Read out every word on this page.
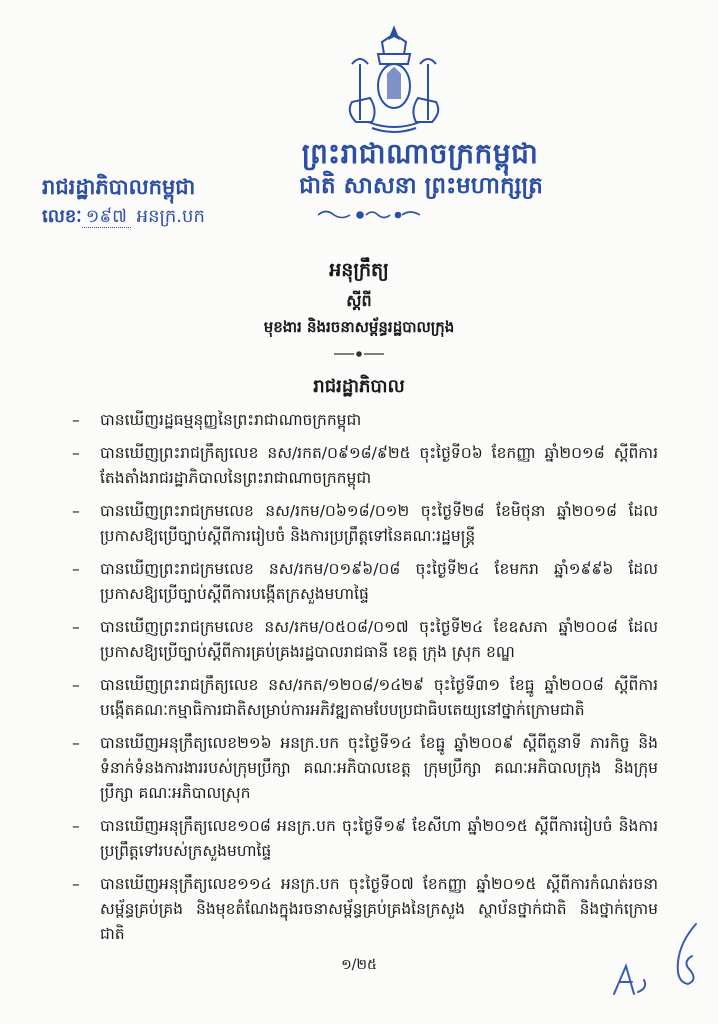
ព្រះរាជាណាចក្រកម្ពុជា
ជាតិ សាសនា ព្រះមហាក្សត្រ
រាជរដ្ឋាភិបាលកម្ពុជា
លេខៈ ១៩៧ អនក្រ.បក
អនុក្រឹត្យ
ស្តីពី
មុខងារ និងរចនាសម្ព័ន្ធរដ្ឋបាលក្រុង
រាជរដ្ឋាភិបាល
– បានឃើញរដ្ឋធម្មនុញ្ញនៃព្រះរាជាណាចក្រកម្ពុជា
– បានឃើញព្រះរាជក្រឹត្យលេខ នស/រកត/០៩១៨/៩២៥ ចុះថ្ងៃទី០៦ ខែកញ្ញា ឆ្នាំ២០១៨ ស្តីពីការតែងតាំងរាជរដ្ឋាភិបាលនៃព្រះរាជាណាចក្រកម្ពុជា
– បានឃើញព្រះរាជក្រមលេខ នស/រកម/០៦១៨/០១២ ចុះថ្ងៃទី២៨ ខែមិថុនា ឆ្នាំ២០១៨ ដែលប្រកាសឱ្យប្រើច្បាប់ស្តីពីការរៀបចំ និងការប្រព្រឹត្តទៅនៃគណៈរដ្ឋមន្ត្រី
– បានឃើញព្រះរាជក្រមលេខ នស/រកម/០១៩៦/០៨ ចុះថ្ងៃទី២៤ ខែមករា ឆ្នាំ១៩៩៦ ដែលប្រកាសឱ្យប្រើច្បាប់ស្តីពីការបង្កើតក្រសួងមហាផ្ទៃ
– បានឃើញព្រះរាជក្រមលេខ នស/រកម/០៥០៨/០១៧ ចុះថ្ងៃទី២៤ ខែឧសភា ឆ្នាំ២០០៨ ដែលប្រកាសឱ្យប្រើច្បាប់ស្តីពីការគ្រប់គ្រងរដ្ឋបាលរាជធានី ខេត្ត ក្រុង ស្រុក ខណ្ឌ
– បានឃើញព្រះរាជក្រឹត្យលេខ នស/រកត/១២០៨/១៤២៩ ចុះថ្ងៃទី៣១ ខែធ្នូ ឆ្នាំ២០០៨ ស្តីពីការបង្កើតគណៈកម្មាធិការជាតិសម្រាប់ការអភិវឌ្ឍតាមបែបប្រជាធិបតេយ្យនៅថ្នាក់ក្រោមជាតិ
– បានឃើញអនុក្រឹត្យលេខ២១៦ អនក្រ.បក ចុះថ្ងៃទី១៤ ខែធ្នូ ឆ្នាំ២០០៩ ស្តីពីតួនាទី ភារកិច្ច និងទំនាក់ទំនងការងាររបស់ក្រុមប្រឹក្សា គណៈអភិបាលខេត្ត ក្រុមប្រឹក្សា គណៈអភិបាលក្រុង និងក្រុមប្រឹក្សា គណៈអភិបាលស្រុក
– បានឃើញអនុក្រឹត្យលេខ១០៨ អនក្រ.បក ចុះថ្ងៃទី១៩ ខែសីហា ឆ្នាំ២០១៥ ស្តីពីការរៀបចំ និងការប្រព្រឹត្តទៅរបស់ក្រសួងមហាផ្ទៃ
– បានឃើញអនុក្រឹត្យលេខ១១៤ អនក្រ.បក ចុះថ្ងៃទី០៧ ខែកញ្ញា ឆ្នាំ២០១៥ ស្តីពីការកំណត់រចនាសម្ព័ន្ធគ្រប់គ្រង និងមុខតំណែងក្នុងរចនាសម្ព័ន្ធគ្រប់គ្រងនៃក្រសួង ស្ថាប័នថ្នាក់ជាតិ និងថ្នាក់ក្រោមជាតិ
១/២៥
